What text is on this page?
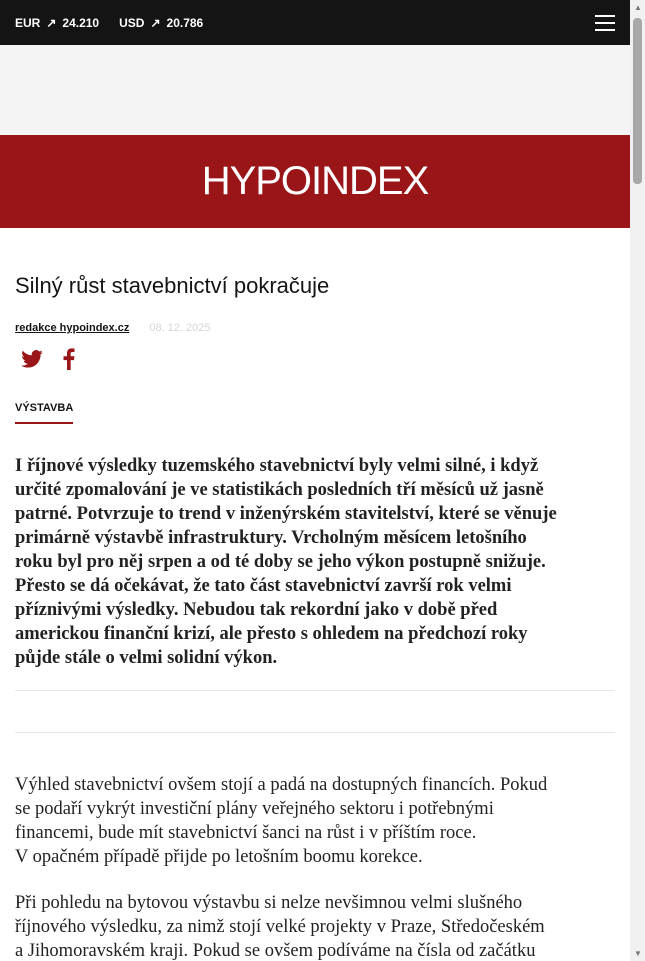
EUR ↗ 24.210 USD ↗ 20.786
HYPOINDEX
Silný růst stavebnictví pokračuje
redakce hypoindex.cz 08. 12. 2025
VÝSTAVBA
I říjnové výsledky tuzemského stavebnictví byly velmi silné, i když
určité zpomalování je ve statistikách posledních tří měsíců už jasně
patrné. Potvrzuje to trend v inženýrském stavitelství, které se věnuje
primárně výstavbě infrastruktury. Vrcholným měsícem letošního
roku byl pro něj srpen a od té doby se jeho výkon postupně snižuje.
Přesto se dá očekávat, že tato část stavebnictví završí rok velmi
příznivými výsledky. Nebudou tak rekordní jako v době před
americkou finanční krizí, ale přesto s ohledem na předchozí roky
půjde stále o velmi solidní výkon.
Výhled stavebnictví ovšem stojí a padá na dostupných financích. Pokud
se podaří vykrýt investiční plány veřejného sektoru i potřebnými
financemi, bude mít stavebnictví šanci na růst i v příštím roce.
V opačném případě přijde po letošním boomu korekce.
Při pohledu na bytovou výstavbu si nelze nevšimnou velmi slušného
říjnového výsledku, za nimž stojí velké projekty v Praze, Středočeském
a Jihomoravském kraji. Pokud se ovšem podíváme na čísla od začátku
▲
▼
